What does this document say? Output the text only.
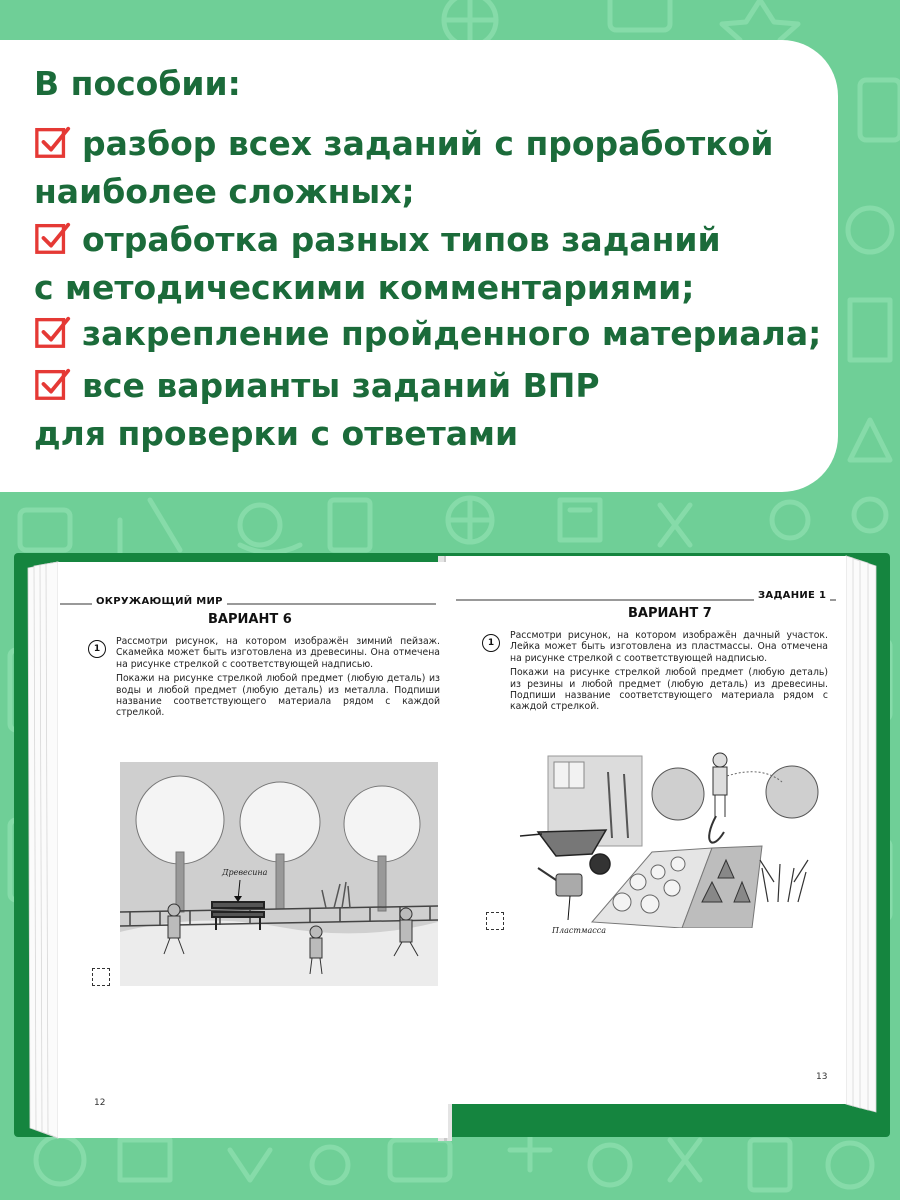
В пособии:
разбор всех заданий с проработкой
наиболее сложных;
отработка разных типов заданий
с методическими комментариями;
закрепление пройденного материала;
все варианты заданий ВПР
для проверки с ответами
ОКРУЖАЮЩИЙ МИР
ВАРИАНТ 6
1

Рассмотри рисунок, на котором изображён зимний пейзаж. Скамейка может быть изготовлена из древесины. Она отмечена на рисунке стрелкой с соответствующей надписью.

Покажи на рисунке стрелкой любой предмет (любую деталь) из воды и любой предмет (любую деталь) из металла. Подпиши название соответствующего материала рядом с каждой стрелкой.

Древесина
12
ЗАДАНИЕ 1
ВАРИАНТ 7
1

Рассмотри рисунок, на котором изображён дачный участок. Лейка может быть изготовлена из пластмассы. Она отмечена на рисунке стрелкой с соответствующей надписью.

Покажи на рисунке стрелкой любой предмет (любую деталь) из резины и любой предмет (любую деталь) из древесины. Подпиши название соответствующего материала рядом с каждой стрелкой.

Пластмасса
13
